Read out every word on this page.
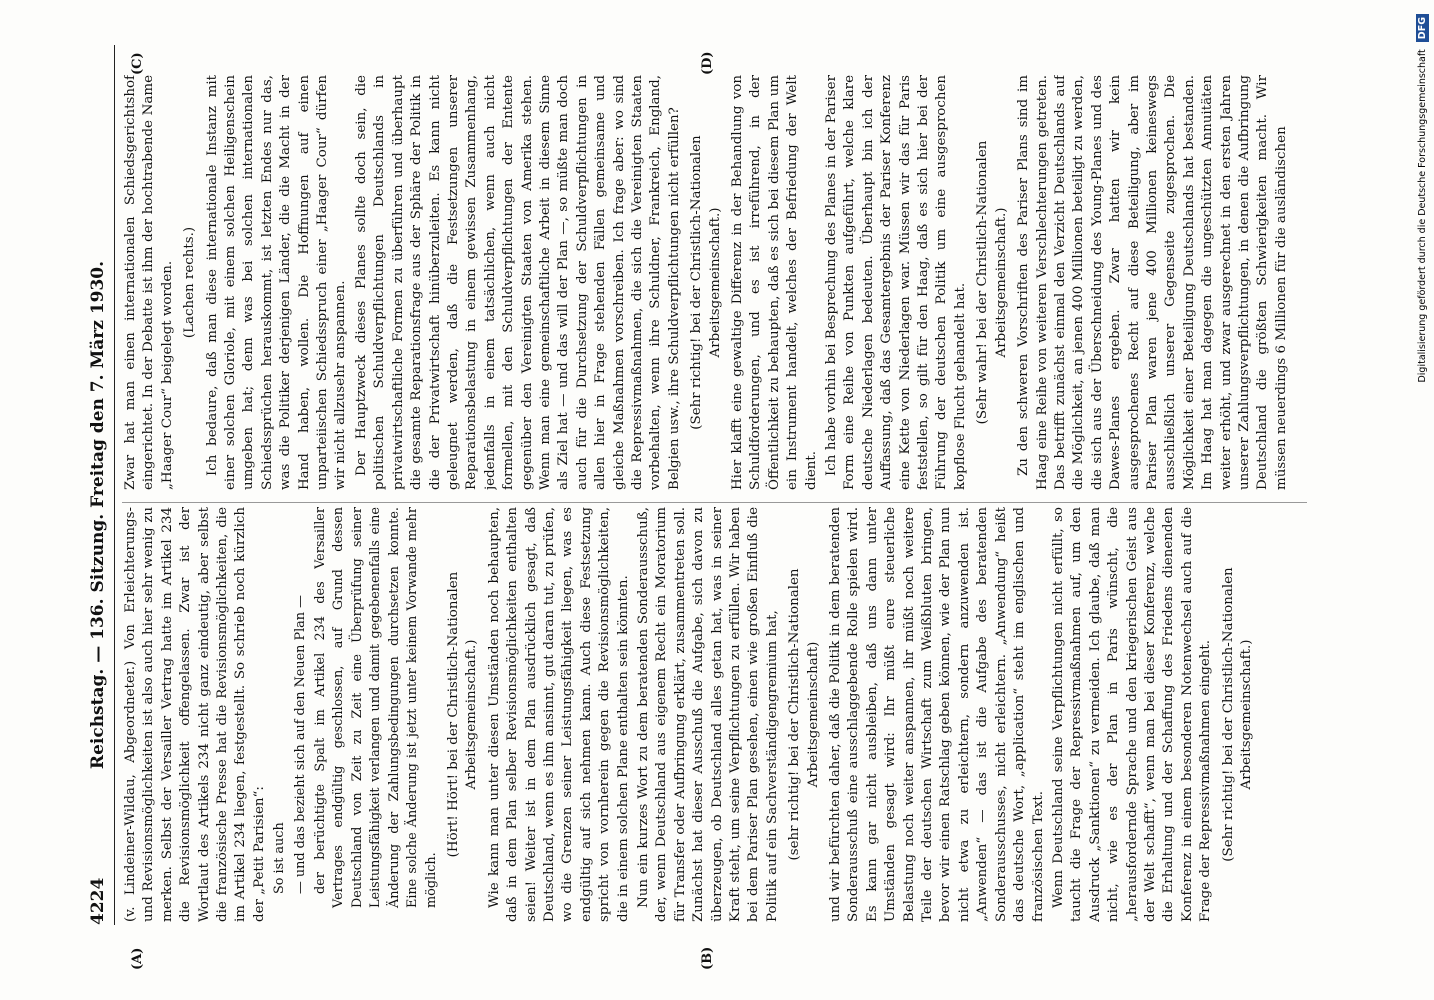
4224
Reichstag. — 136. Sitzung. Freitag den 7. März 1930.
(A)	(B)
(C)	(D)

(v. Lindeiner-Wildau, Abgeordneter.) Von Erleichterungs- und Revisionsmöglichkeiten ist also auch hier sehr wenig zu merken. Selbst der Versailler Vertrag hatte im Artikel 234 die Revisionsmöglichkeit offengelassen. Zwar ist der Wortlaut des Artikels 234 nicht ganz eindeutig, aber selbst die französische Presse hat die Revisionsmöglichkeiten, die im Artikel 234 liegen, festgestellt. So schrieb noch kürzlich der „Petit Parisien“: So ist auch — und das bezieht sich auf den Neuen Plan — der berüchtigte Spalt im Artikel 234 des Versailler Vertrages endgültig geschlossen, auf Grund dessen Deutschland von Zeit zu Zeit eine Überprüfung seiner Leistungsfähigkeit verlangen und damit gegebenenfalls eine Änderung der Zahlungsbedingungen durchsetzen konnte. Eine solche Änderung ist jetzt unter keinem Vorwande mehr möglich.

(Hört! Hört! bei der Christlich-Nationalen Arbeitsgemeinschaft.) Wie kann man unter diesen Umständen noch behaupten, daß in dem Plan selber Revisionsmöglichkeiten enthalten seien! Weiter ist in dem Plan ausdrücklich gesagt, daß Deutschland, wenn es ihm ansinnt, gut daran tut, zu prüfen, wo die Grenzen seiner Leistungsfähigkeit liegen, was es endgültig auf sich nehmen kann. Auch diese Festsetzung spricht von vornherein gegen die Revisionsmöglichkeiten, die in einem solchen Plane enthalten sein könnten. Nun ein kurzes Wort zu dem beratenden Sonderausschuß, der, wenn Deutschland aus eigenem Recht ein Moratorium für Transfer oder Aufbringung erklärt, zusammentreten soll. Zunächst hat dieser Ausschuß die Aufgabe, sich davon zu überzeugen, ob Deutschland alles getan hat, was in seiner Kraft steht, um seine Verpflichtungen zu erfüllen. Wir haben bei dem Pariser Plan gesehen, einen wie großen Einfluß die Politik auf ein Sachverständigengremium hat, (sehr richtig! bei der Christlich-Nationalen Arbeitsgemeinschaft) und wir befürchten daher, daß die Politik in dem beratenden Sonderausschuß eine ausschlaggebende Rolle spielen wird. Es kann gar nicht ausbleiben, daß uns dann unter Umständen gesagt wird: Ihr müßt eure steuerliche Belastung noch weiter anspannen, ihr müßt noch weitere Teile der deutschen Wirtschaft zum Weißbluten bringen, bevor wir einen Ratschlag geben können, wie der Plan nun nicht etwa zu erleichtern, sondern anzuwenden ist. „Anwenden“ — das ist die Aufgabe des beratenden Sonderausschusses, nicht erleichtern. „Anwendung“ heißt das deutsche Wort, „application“ steht im englischen und französischen Text. Wenn Deutschland seine Verpflichtungen nicht erfüllt, so taucht die Frage der Repressivmaßnahmen auf, um den Ausdruck „Sanktionen“ zu vermeiden. Ich glaube, daß man nicht, wie es der Plan in Paris wünscht, die „herausfordernde Sprache und den kriegerischen Geist aus der Welt schafft“, wenn man bei dieser Konferenz, welche die Erhaltung und der Schaffung des Friedens dienenden Konferenz in einem besonderen Notenwechsel auch auf die Frage der Repressivmaßnahmen eingeht. (Sehr richtig! bei der Christlich-Nationalen Arbeitsgemeinschaft.)

Zwar hat man einen internationalen Schiedsgerichtshof eingerichtet. In der Debatte ist ihm der hochtrabende Name „Haager Cour“ beigelegt worden. (Lachen rechts.) Ich bedaure, daß man diese internationale Instanz mit einer solchen Gloriole, mit einem solchen Heiligenschein umgeben hat; denn was bei solchen internationalen Schiedssprüchen herauskommt, ist letzten Endes nur das, was die Politiker derjenigen Länder, die die Macht in der Hand haben, wollen. Die Hoffnungen auf einen unparteiischen Schiedsspruch einer „Haager Cour“ dürfen wir nicht allzusehr anspannen. Der Hauptzweck dieses Planes sollte doch sein, die politischen Schuldverpflichtungen Deutschlands in privatwirtschaftliche Formen zu überführen und überhaupt die gesamte Reparationsfrage aus der Sphäre der Politik in die der Privatwirtschaft hinüberzuleiten. Es kann nicht geleugnet werden, daß die Festsetzungen unserer Reparationsbelastung in einem gewissen Zusammenhang, jedenfalls in einem tatsächlichen, wenn auch nicht formellen, mit den Schuldverpflichtungen der Entente gegenüber den Vereinigten Staaten von Amerika stehen. Wenn man eine gemeinschaftliche Arbeit in diesem Sinne als Ziel hat — und das will der Plan —, so müßte man doch auch für die Durchsetzung der Schuldverpflichtungen in allen hier in Frage stehenden Fällen gemeinsame und gleiche Maßnahmen vorschreiben. Ich frage aber: wo sind die Repressivmaßnahmen, die sich die Vereinigten Staaten vorbehalten, wenn ihre Schuldner, Frankreich, England, Belgien usw., ihre Schuldverpflichtungen nicht erfüllen? (Sehr richtig! bei der Christlich-Nationalen Arbeitsgemeinschaft.) Hier klafft eine gewaltige Differenz in der Behandlung von Schuldforderungen, und es ist irreführend, in der Öffentlichkeit zu behaupten, daß es sich bei diesem Plan um ein Instrument handelt, welches der Befriedung der Welt dient. Ich habe vorhin bei Besprechung des Planes in der Pariser Form eine Reihe von Punkten aufgeführt, welche klare deutsche Niederlagen bedeuten. Überhaupt bin ich der Auffassung, daß das Gesamtergebnis der Pariser Konferenz eine Kette von Niederlagen war. Müssen wir das für Paris feststellen, so gilt für den Haag, daß es sich hier bei der Führung der deutschen Politik um eine ausgesprochen kopflose Flucht gehandelt hat. (Sehr wahr! bei der Christlich-Nationalen Arbeitsgemeinschaft.) Zu den schweren Vorschriften des Pariser Plans sind im Haag eine Reihe von weiteren Verschlechterungen getreten. Das betrifft zunächst einmal den Verzicht Deutschlands auf die Möglichkeit, an jenen 400 Millionen beteiligt zu werden, die sich aus der Überschneidung des Young-Planes und des Dawes-Planes ergeben. Zwar hatten wir kein ausgesprochenes Recht auf diese Beteiligung, aber im Pariser Plan waren jene 400 Millionen keineswegs ausschließlich unserer Gegenseite zugesprochen. Die Möglichkeit einer Beteiligung Deutschlands hat bestanden. Im Haag hat man dagegen die ungeschützten Annuitäten weiter erhöht, und zwar ausgerechnet in den ersten Jahren unserer Zahlungsverpflichtungen, in denen die Aufbringung Deutschland die größten Schwierigkeiten macht. Wir müssen neuerdings 6 Millionen für die ausländischen	Digitalisierung gefördert durch die Deutsche Forschungsgemeinschaft DFG
